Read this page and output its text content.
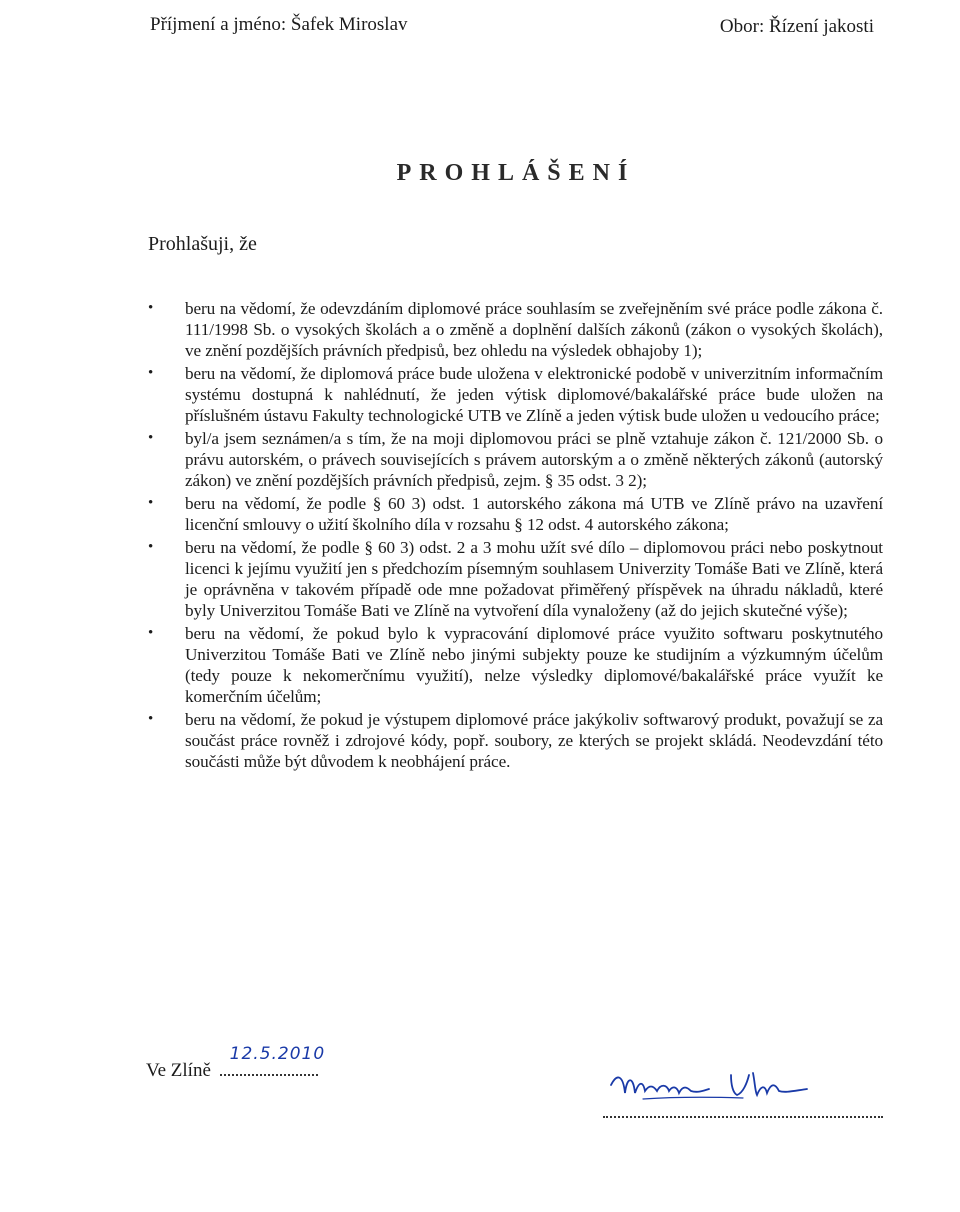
Příjmení a jméno: Šafek Miroslav	Obor: Řízení jakosti
PROHLÁŠENÍ
Prohlašuji, že
• beru na vědomí, že odevzdáním diplomové práce souhlasím se zveřejněním své práce podle zákona č. 111/1998 Sb. o vysokých školách a o změně a doplnění dalších zákonů (zákon o vysokých školách), ve znění pozdějších právních předpisů, bez ohledu na výsledek obhajoby 1);
• beru na vědomí, že diplomová práce bude uložena v elektronické podobě v univerzitním informačním systému dostupná k nahlédnutí, že jeden výtisk diplomové/bakalářské práce bude uložen na příslušném ústavu Fakulty technologické UTB ve Zlíně a jeden výtisk bude uložen u vedoucího práce;
• byl/a jsem seznámen/a s tím, že na moji diplomovou práci se plně vztahuje zákon č. 121/2000 Sb. o právu autorském, o právech souvisejících s právem autorským a o změně některých zákonů (autorský zákon) ve znění pozdějších právních předpisů, zejm. § 35 odst. 3 2);
• beru na vědomí, že podle § 60 3) odst. 1 autorského zákona má UTB ve Zlíně právo na uzavření licenční smlouvy o užití školního díla v rozsahu § 12 odst. 4 autorského zákona;
• beru na vědomí, že podle § 60 3) odst. 2 a 3 mohu užít své dílo – diplomovou práci nebo poskytnout licenci k jejímu využití jen s předchozím písemným souhlasem Univerzity Tomáše Bati ve Zlíně, která je oprávněna v takovém případě ode mne požadovat přiměřený příspěvek na úhradu nákladů, které byly Univerzitou Tomáše Bati ve Zlíně na vytvoření díla vynaloženy (až do jejich skutečné výše);
• beru na vědomí, že pokud bylo k vypracování diplomové práce využito softwaru poskytnutého Univerzitou Tomáše Bati ve Zlíně nebo jinými subjekty pouze ke studijním a výzkumným účelům (tedy pouze k nekomerčnímu využití), nelze výsledky diplomové/bakalářské práce využít ke komerčním účelům;
• beru na vědomí, že pokud je výstupem diplomové práce jakýkoliv softwarový produkt, považují se za součást práce rovněž i zdrojové kódy, popř. soubory, ze kterých se projekt skládá. Neodevzdání této součásti může být důvodem k neobhájení práce.
Ve Zlíně
12.5.2010
